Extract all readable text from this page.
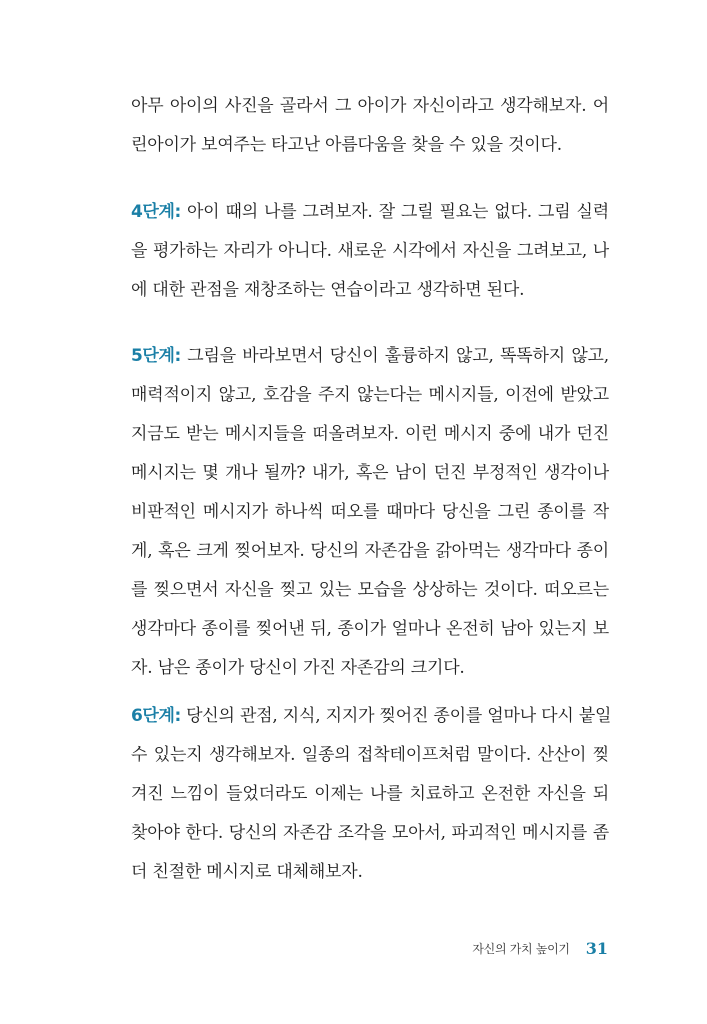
아무 아이의 사진을 골라서 그 아이가 자신이라고 생각해보자. 어
린아이가 보여주는 타고난 아름다움을 찾을 수 있을 것이다.
4단계: 아이 때의 나를 그려보자. 잘 그릴 필요는 없다. 그림 실력
을 평가하는 자리가 아니다. 새로운 시각에서 자신을 그려보고, 나
에 대한 관점을 재창조하는 연습이라고 생각하면 된다.
5단계: 그림을 바라보면서 당신이 훌륭하지 않고, 똑똑하지 않고,
매력적이지 않고, 호감을 주지 않는다는 메시지들, 이전에 받았고
지금도 받는 메시지들을 떠올려보자. 이런 메시지 중에 내가 던진
메시지는 몇 개나 될까? 내가, 혹은 남이 던진 부정적인 생각이나
비판적인 메시지가 하나씩 떠오를 때마다 당신을 그린 종이를 작
게, 혹은 크게 찢어보자. 당신의 자존감을 갉아먹는 생각마다 종이
를 찢으면서 자신을 찢고 있는 모습을 상상하는 것이다. 떠오르는
생각마다 종이를 찢어낸 뒤, 종이가 얼마나 온전히 남아 있는지 보
자. 남은 종이가 당신이 가진 자존감의 크기다.
6단계: 당신의 관점, 지식, 지지가 찢어진 종이를 얼마나 다시 붙일
수 있는지 생각해보자. 일종의 접착테이프처럼 말이다. 산산이 찢
겨진 느낌이 들었더라도 이제는 나를 치료하고 온전한 자신을 되
찾아야 한다. 당신의 자존감 조각을 모아서, 파괴적인 메시지를 좀
더 친절한 메시지로 대체해보자.
자신의 가치 높이기 31
